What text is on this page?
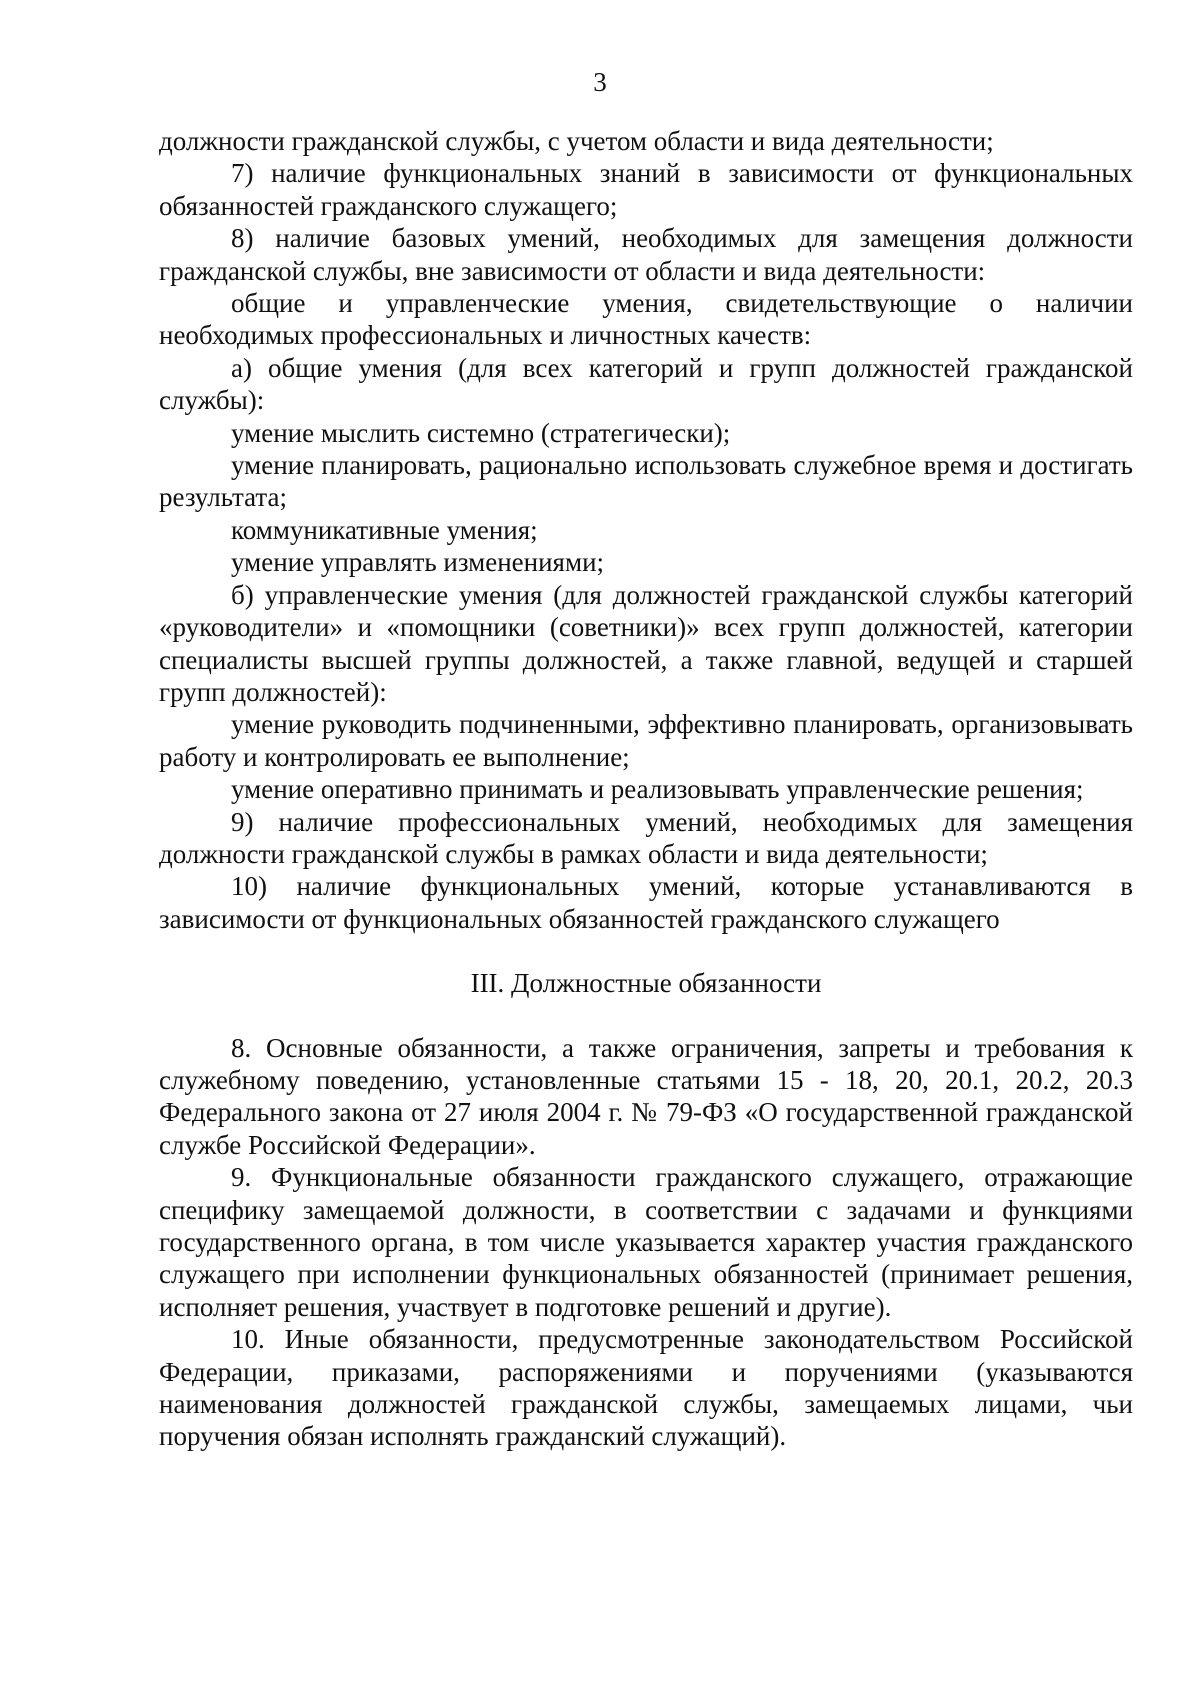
3

должности гражданской службы, с учетом области и вида деятельности;

7) наличие функциональных знаний в зависимости от функциональных обязанностей гражданского служащего;

8) наличие базовых умений, необходимых для замещения должности гражданской службы, вне зависимости от области и вида деятельности:

общие и управленческие умения, свидетельствующие о наличии необходимых профессиональных и личностных качеств:

а) общие умения (для всех категорий и групп должностей гражданской службы):

умение мыслить системно (стратегически);

умение планировать, рационально использовать служебное время и достигать результата;

коммуникативные умения;

умение управлять изменениями;

б) управленческие умения (для должностей гражданской службы категорий «руководители» и «помощники (советники)» всех групп должностей, категории специалисты высшей группы должностей, а также главной, ведущей и старшей групп должностей):

умение руководить подчиненными, эффективно планировать, организовывать работу и контролировать ее выполнение;

умение оперативно принимать и реализовывать управленческие решения;

9) наличие профессиональных умений, необходимых для замещения должности гражданской службы в рамках области и вида деятельности;

10) наличие функциональных умений, которые устанавливаются в зависимости от функциональных обязанностей гражданского служащего

III. Должностные обязанности

8. Основные обязанности, а также ограничения, запреты и требования к служебному поведению, установленные статьями 15 - 18, 20, 20.1, 20.2, 20.3 Федерального закона от 27 июля 2004 г. № 79-ФЗ «О государственной гражданской службе Российской Федерации».

9. Функциональные обязанности гражданского служащего, отражающие специфику замещаемой должности, в соответствии с задачами и функциями государственного органа, в том числе указывается характер участия гражданского служащего при исполнении функциональных обязанностей (принимает решения, исполняет решения, участвует в подготовке решений и другие).

10. Иные обязанности, предусмотренные законодательством Российской Федерации, приказами, распоряжениями и поручениями (указываются наименования должностей гражданской службы, замещаемых лицами, чьи поручения обязан исполнять гражданский служащий).
